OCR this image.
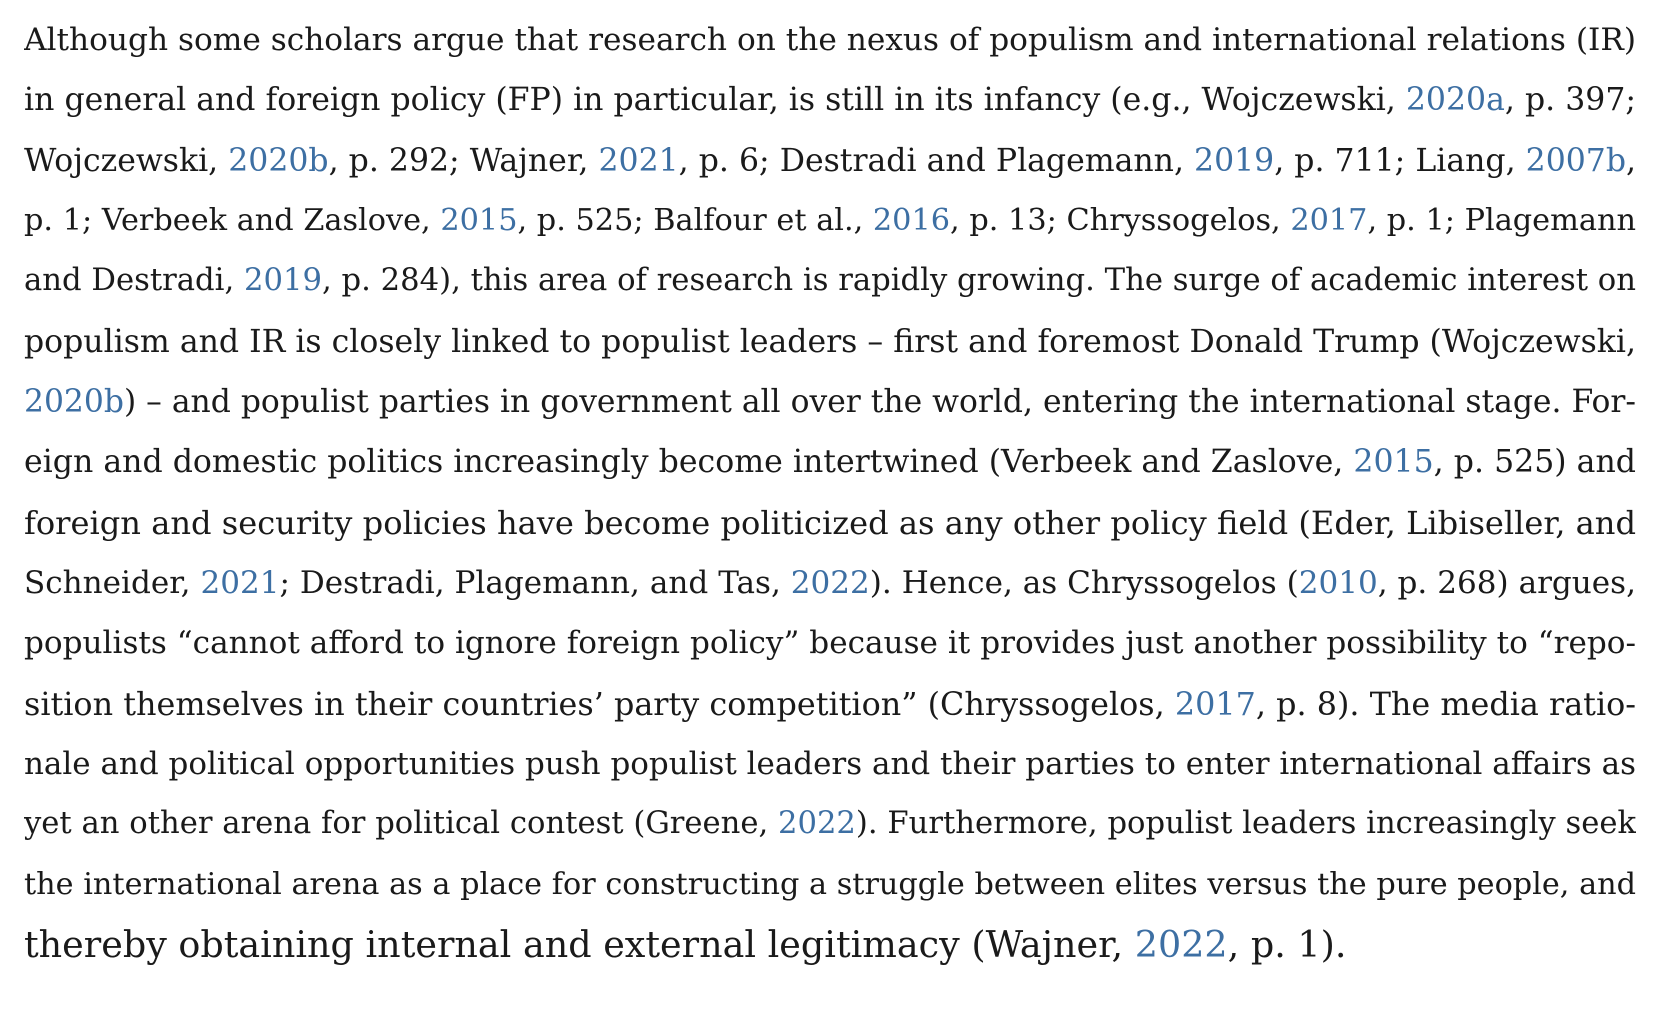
Although some scholars argue that research on the nexus of populism and international relations (IR)
in general and foreign policy (FP) in particular, is still in its infancy (e.g., Wojczewski, 2020a, p. 397;
Wojczewski, 2020b, p. 292; Wajner, 2021, p. 6; Destradi and Plagemann, 2019, p. 711; Liang, 2007b,
p. 1; Verbeek and Zaslove, 2015, p. 525; Balfour et al., 2016, p. 13; Chryssogelos, 2017, p. 1; Plagemann
and Destradi, 2019, p. 284), this area of research is rapidly growing. The surge of academic interest on
populism and IR is closely linked to populist leaders – first and foremost Donald Trump (Wojczewski,
2020b) – and populist parties in government all over the world, entering the international stage. For-
eign and domestic politics increasingly become intertwined (Verbeek and Zaslove, 2015, p. 525) and
foreign and security policies have become politicized as any other policy field (Eder, Libiseller, and
Schneider, 2021; Destradi, Plagemann, and Tas, 2022). Hence, as Chryssogelos (2010, p. 268) argues,
populists “cannot afford to ignore foreign policy” because it provides just another possibility to “repo-
sition themselves in their countries’ party competition” (Chryssogelos, 2017, p. 8). The media ratio-
nale and political opportunities push populist leaders and their parties to enter international affairs as
yet an other arena for political contest (Greene, 2022). Furthermore, populist leaders increasingly seek
the international arena as a place for constructing a struggle between elites versus the pure people, and
thereby obtaining internal and external legitimacy (Wajner, 2022, p. 1).
